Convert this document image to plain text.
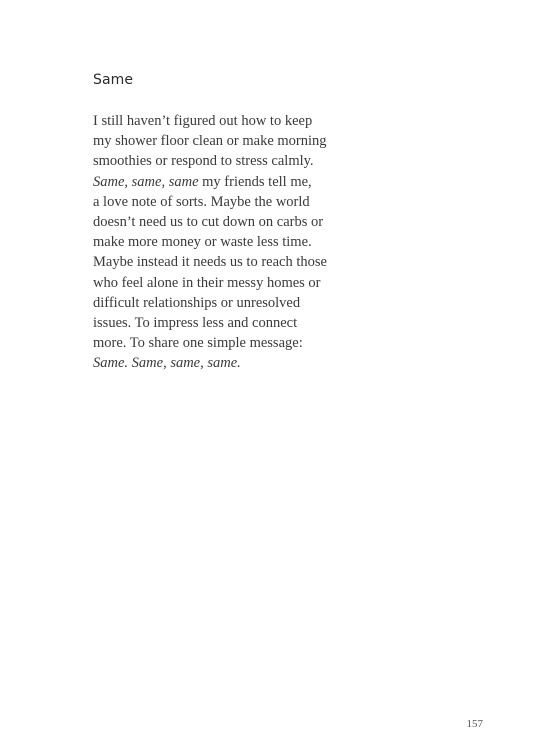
Same
I still haven’t figured out how to keep
my shower floor clean or make morning
smoothies or respond to stress calmly.
Same, same, same my friends tell me,
a love note of sorts. Maybe the world
doesn’t need us to cut down on carbs or
make more money or waste less time.
Maybe instead it needs us to reach those
who feel alone in their messy homes or
difficult relationships or unresolved
issues. To impress less and connect
more. To share one simple message:
Same. Same, same, same.
157
